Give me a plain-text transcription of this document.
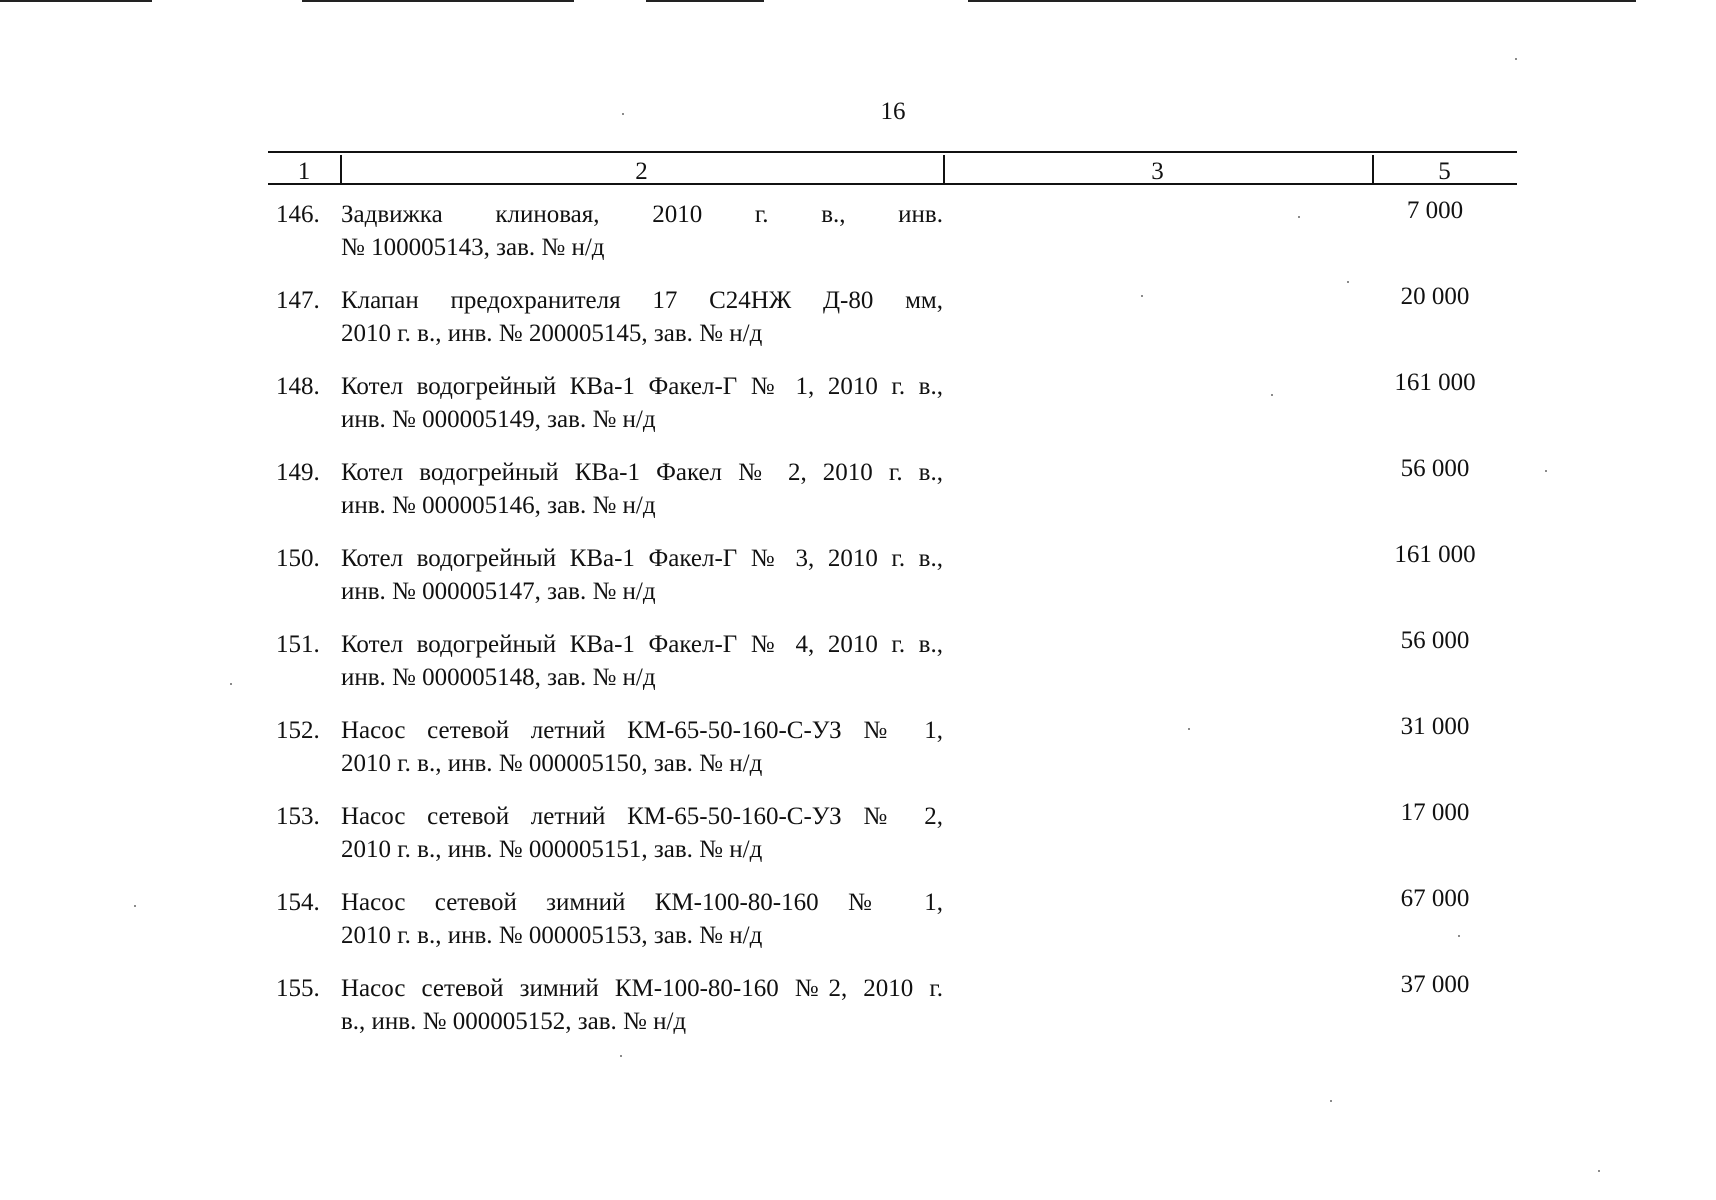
16
1	2	3	5
146. Задвижка клиновая, 2010 г. в., инв.
№ 100005143, зав. № н/д
7 000
147. Клапан предохранителя 17 С24НЖ Д-80 мм,
2010 г. в., инв. № 200005145, зав. № н/д
20 000
148. Котел водогрейный КВа-1 Факел-Г № 1, 2010 г. в.,
инв. № 000005149, зав. № н/д
161 000
149. Котел водогрейный КВа-1 Факел № 2, 2010 г. в.,
инв. № 000005146, зав. № н/д
56 000
150. Котел водогрейный КВа-1 Факел-Г № 3, 2010 г. в.,
инв. № 000005147, зав. № н/д
161 000
151. Котел водогрейный КВа-1 Факел-Г № 4, 2010 г. в.,
инв. № 000005148, зав. № н/д
56 000
152. Насос сетевой летний КМ-65-50-160-С-УЗ № 1,
2010 г. в., инв. № 000005150, зав. № н/д
31 000
153. Насос сетевой летний КМ-65-50-160-С-УЗ № 2,
2010 г. в., инв. № 000005151, зав. № н/д
17 000
154. Насос сетевой зимний КМ-100-80-160 № 1,
2010 г. в., инв. № 000005153, зав. № н/д
67 000
155. Насос сетевой зимний КМ-100-80-160 №2, 2010 г.
в., инв. № 000005152, зав. № н/д
37 000
